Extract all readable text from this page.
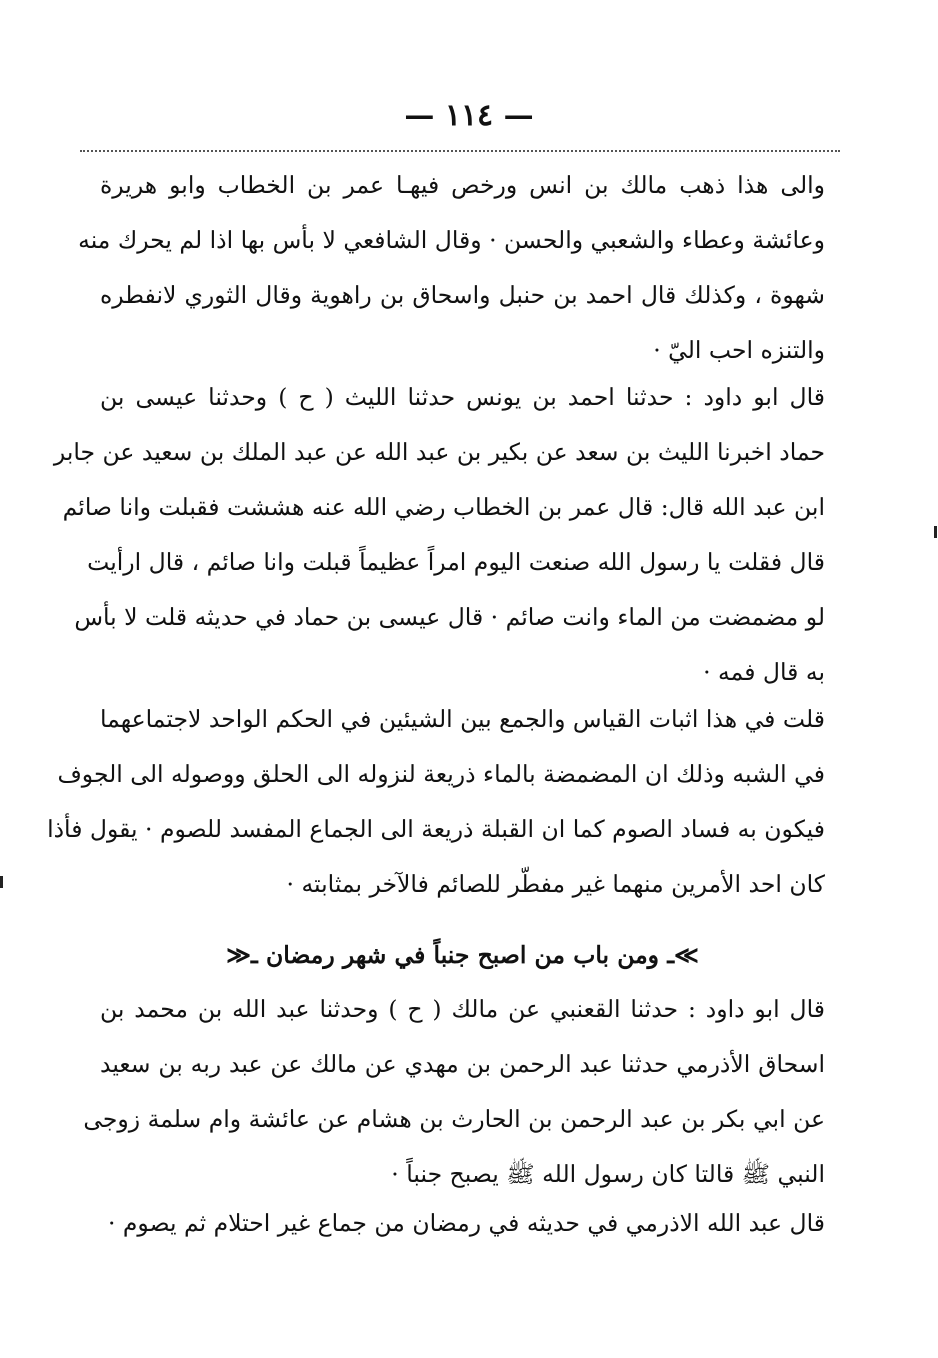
— ١١٤ —
والى هذا ذهب مالك بن انس ورخص فيهـا عمر بن الخطاب وابو هريرة
وعائشة وعطاء والشعبي والحسن · وقال الشافعي لا بأس بها اذا لم يحرك منه
شهوة ، وكذلك قال احمد بن حنبل واسحاق بن راهوية وقال الثوري لانفطره
والتنزه احب اليّ ·
قال ابو داود : حدثنا احمد بن يونس حدثنا الليث ( ح ) وحدثنا عيسى بن
حماد اخبرنا الليث بن سعد عن بكير بن عبد الله عن عبد الملك بن سعيد عن جابر
ابن عبد الله قال: قال عمر بن الخطاب رضي الله عنه هششت فقبلت وانا صائم
قال فقلت يا رسول الله صنعت اليوم امراً عظيماً قبلت وانا صائم ، قال ارأيت
لو مضمضت من الماء وانت صائم · قال عيسى بن حماد في حديثه قلت لا بأس
به قال فمه ·
قلت في هذا اثبات القياس والجمع بين الشيئين في الحكم الواحد لاجتماعهما
في الشبه وذلك ان المضمضة بالماء ذريعة لنزوله الى الحلق ووصوله الى الجوف
فيكون به فساد الصوم كما ان القبلة ذريعة الى الجماع المفسد للصوم · يقول فأذا
كان احد الأمرين منهما غير مفطّر للصائم فالآخر بمثابته ·
≫ـ ومن باب من اصبح جنباً في شهر رمضان ـ≪
قال ابو داود : حدثنا القعنبي عن مالك ( ح ) وحدثنا عبد الله بن محمد بن
اسحاق الأذرمي حدثنا عبد الرحمن بن مهدي عن مالك عن عبد ربه بن سعيد
عن ابي بكر بن عبد الرحمن بن الحارث بن هشام عن عائشة وام سلمة زوجى
النبي ﷺ قالتا كان رسول الله ﷺ يصبح جنباً ·
قال عبد الله الاذرمي في حديثه في رمضان من جماع غير احتلام ثم يصوم ·
